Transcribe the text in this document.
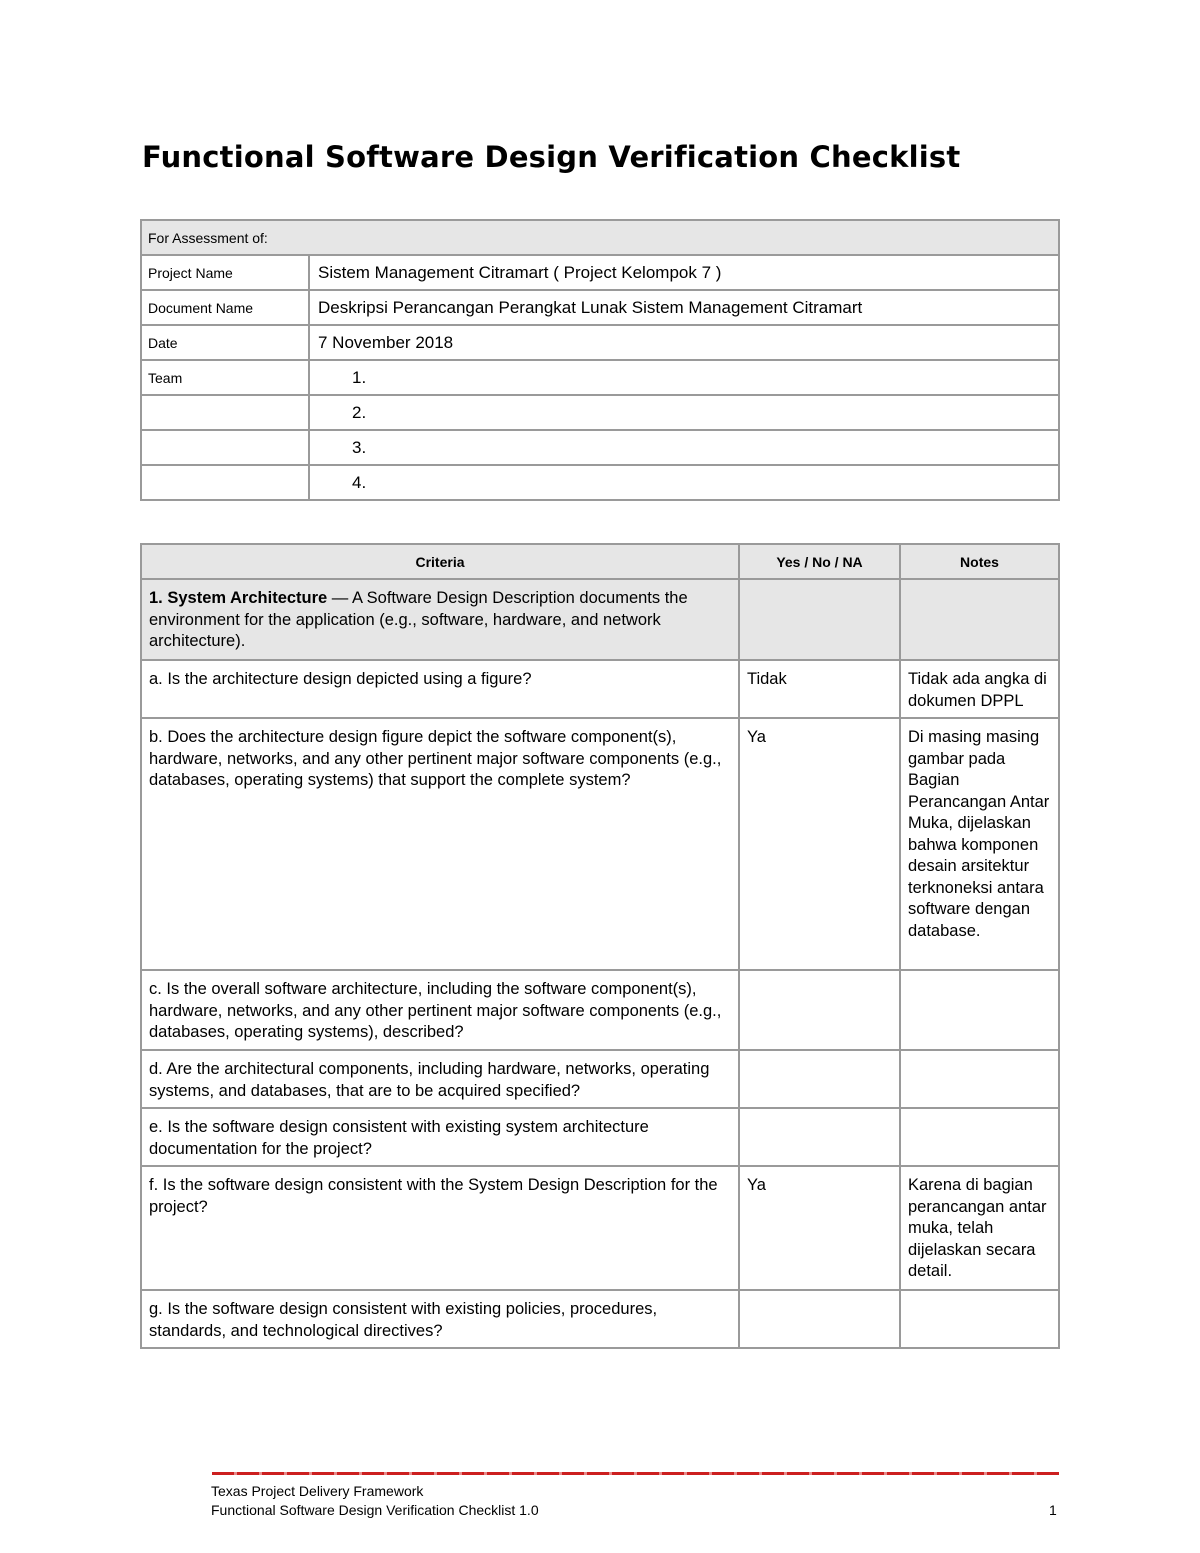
Functional Software Design Verification Checklist
For Assessment of:	
Project Name	Sistem Management Citramart ( Project Kelompok 7 )
Document Name	Deskripsi Perancangan Perangkat Lunak Sistem Management Citramart
Date	7 November 2018
Team	1.
	2.
	3.
	4.
Criteria	Yes / No / NA	Notes
1. System Architecture — A Software Design Description documents the environment for the application (e.g., software, hardware, and network architecture).		
a. Is the architecture design depicted using a figure?	Tidak	Tidak ada angka di dokumen DPPL
b. Does the architecture design figure depict the software component(s), hardware, networks, and any other pertinent major software components (e.g., databases, operating systems) that support the complete system?	Ya	Di masing masing gambar pada Bagian Perancangan Antar Muka, dijelaskan bahwa komponen desain arsitektur terknoneksi antara software dengan database.
c. Is the overall software architecture, including the software component(s), hardware, networks, and any other pertinent major software components (e.g., databases, operating systems), described?		
d. Are the architectural components, including hardware, networks, operating systems, and databases, that are to be acquired specified?		
e. Is the software design consistent with existing system architecture documentation for the project?		
f. Is the software design consistent with the System Design Description for the project?	Ya	Karena di bagian perancangan antar muka, telah dijelaskan secara detail.
g. Is the software design consistent with existing policies, procedures, standards, and technological directives?		
Texas Project Delivery Framework
Functional Software Design Verification Checklist 1.0	1
